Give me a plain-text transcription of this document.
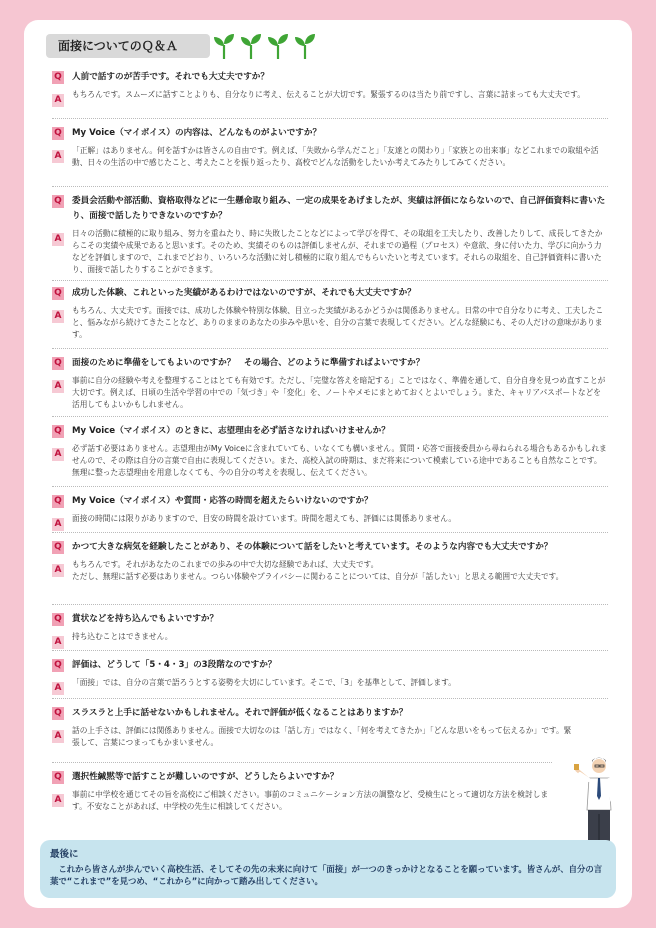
面接についてのＱ＆Ａ
Q 人前で話すのが苦手です。それでも大丈夫ですか？
A
もちろんです。スムーズに話すことよりも、自分なりに考え、伝えることが大切です。緊張するのは当たり前ですし、言葉に詰まっても大丈夫です。
Q My Voice（マイボイス）の内容は、どんなものがよいですか？
A
「正解」はありません。何を話すかは皆さんの自由です。例えば、「失敗から学んだこと」「友達との関わり」「家族との出来事」などこれまでの取組や活動、日々の生活の中で感じたこと、考えたことを振り返ったり、高校でどんな活動をしたいか考えてみたりしてみてください。
Q 委員会活動や部活動、資格取得などに一生懸命取り組み、一定の成果をあげましたが、実績は評価にならないので、自己評価資料に書いたり、面接で話したりできないのですか？
A
日々の活動に積極的に取り組み、努力を重ねたり、時に失敗したことなどによって学びを得て、その取組を工夫したり、改善したりして、成長してきたからこその実績や成果であると思います。そのため、実績そのものは評価しませんが、それまでの過程（プロセス）や意欲、身に付いた力、学びに向かう力などを評価しますので、これまでどおり、いろいろな活動に対し積極的に取り組んでもらいたいと考えています。それらの取組を、自己評価資料に書いたり、面接で話したりすることができます。
Q 成功した体験、これといった実績があるわけではないのですが、それでも大丈夫ですか？
A
もちろん、大丈夫です。面接では、成功した体験や特別な体験、目立った実績があるかどうかは関係ありません。日常の中で自分なりに考え、工夫したこと、悩みながら続けてきたことなど、ありのままのあなたの歩みや思いを、自分の言葉で表現してください。どんな経験にも、その人だけの意味があります。
Q 面接のために準備をしてもよいのですか？　その場合、どのように準備すればよいですか？
A
事前に自分の経験や考えを整理することはとても有効です。ただし、「完璧な答えを暗記する」ことではなく、準備を通して、自分自身を見つめ直すことが大切です。例えば、日頃の生活や学習の中での「気づき」や「変化」を、ノートやメモにまとめておくとよいでしょう。また、キャリアパスポートなどを活用してもよいかもしれません。
Q My Voice（マイボイス）のときに、志望理由を必ず話さなければいけませんか？
A
必ず話す必要はありません。志望理由がMy Voiceに含まれていても、いなくても構いません。質問・応答で面接委員から尋ねられる場合もあるかもしれませんので、その際は自分の言葉で自由に表現してください。また、高校入試の時期は、まだ将来について模索している途中であることも自然なことです。無理に整った志望理由を用意しなくても、今の自分の考えを表現し、伝えてください。
Q My Voice（マイボイス）や質問・応答の時間を超えたらいけないのですか？
A
面接の時間には限りがありますので、目安の時間を設けています。時間を超えても、評価には関係ありません。
Q かつて大きな病気を経験したことがあり、その体験について話をしたいと考えています。そのような内容でも大丈夫ですか？
A
もちろんです。それがあなたのこれまでの歩みの中で大切な経験であれば、大丈夫です。
ただし、無理に話す必要はありません。つらい体験やプライバシーに関わることについては、自分が「話したい」と思える範囲で大丈夫です。
Q 賞状などを持ち込んでもよいですか？
A
持ち込むことはできません。
Q 評価は、どうして「5・4・3」の3段階なのですか？
A
「面接」では、自分の言葉で語ろうとする姿勢を大切にしています。そこで、「3」を基準として、評価します。
Q スラスラと上手に話せないかもしれません。それで評価が低くなることはありますか？
A
話の上手さは、評価には関係ありません。面接で大切なのは「話し方」ではなく、「何を考えてきたか」「どんな思いをもって伝えるか」です。緊張して、言葉につまってもかまいません。
Q 選択性緘黙等で話すことが難しいのですが、どうしたらよいですか？
A
事前に中学校を通じてその旨を高校にご相談ください。事前のコミュニケーション方法の調整など、受検生にとって適切な方法を検討します。不安なことがあれば、中学校の先生に相談してください。
最後に
これから皆さんが歩んでいく高校生活、そしてその先の未来に向けて「面接」が一つのきっかけとなることを願っています。皆さんが、自分の言葉で“これまで”を見つめ、“これから”に向かって踏み出してください。
